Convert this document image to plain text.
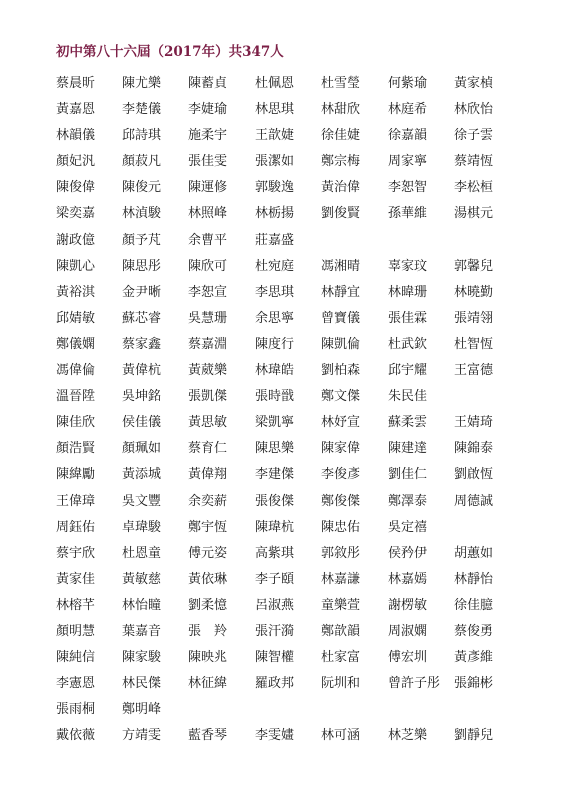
初中第八十六屆（2017年）共347人
蔡晨昕	陳尤樂	陳蓄貞	杜佩恩	杜雪瑩	何紫瑜	黃家楨
黃嘉恩	李楚儀	李婕瑜	林思琪	林甜欣	林庭希	林欣怡
林韻儀	邱詩琪	施柔宇	王歆婕	徐佳婕	徐嘉韻	徐子雲
顏妃汎	顏菽凡	張佳雯	張潔如	鄭宗梅	周家寧	蔡靖恆
陳俊偉	陳俊元	陳運修	郭駿逸	黃治偉	李恕智	李松桓
梁奕嘉	林湞駿	林照峰	林栃揚	劉俊賢	孫華維	湯棋元
謝政億	顏予芃	余曹平	莊嘉盛
陳凱心	陳思彤	陳欣可	杜宛庭	馮湘晴	辜家玟	郭馨兒
黃裕淇	金尹晰	李恕宣	李思琪	林靜宜	林暐珊	林曉勤
邱婧敏	蘇芯睿	吳慧珊	余思寧	曾寶儀	張佳霖	張靖翎
鄭儀嫻	蔡家鑫	蔡嘉淵	陳度行	陳凱倫	杜武欽	杜智恆
馮偉倫	黃偉杭	黃葳樂	林瑋皓	劉柏森	邱宇耀	王富德
溫晉陞	吳坤銘	張凱傑	張時戩	鄭文傑	朱民佳
陳佳欣	侯佳儀	黃思敏	梁凱寧	林妤宣	蘇柔雲	王婧琦
顏浩賢	顏珮如	蔡育仁	陳思樂	陳家偉	陳建達	陳錦泰
陳緯勵	黃添城	黃偉翔	李建傑	李俊彥	劉佳仁	劉啟恆
王偉璋	吳文豐	余奕薪	張俊傑	鄭俊傑	鄭澤泰	周德誠
周鈺佑	卓瑋駿	鄭宇恆	陳瑋杭	陳忠佑	吳定禧
蔡宇欣	杜恩童	傅元姿	高紫琪	郭敘彤	侯矜伊	胡蕙如
黃家佳	黃敏慈	黃依琳	李子頤	林嘉謙	林嘉嫣	林靜怡
林榕芊	林怡瞳	劉柔憶	呂淑燕	童樂萱	謝楞敏	徐佳臆
顏明慧	葉嘉音	張　羚	張汗漪	鄭歆韻	周淑嫻	蔡俊勇
陳純信	陳家駿	陳映兆	陳智權	杜家富	傅宏圳	黃彥維
李憲恩	林民傑	林征緯	羅政邦	阮圳和	曾許子彤	張錦彬
張雨桐	鄭明峰
戴依薇	方靖雯	藍香琴	李雯嫿	林可涵	林芝樂	劉靜兒
